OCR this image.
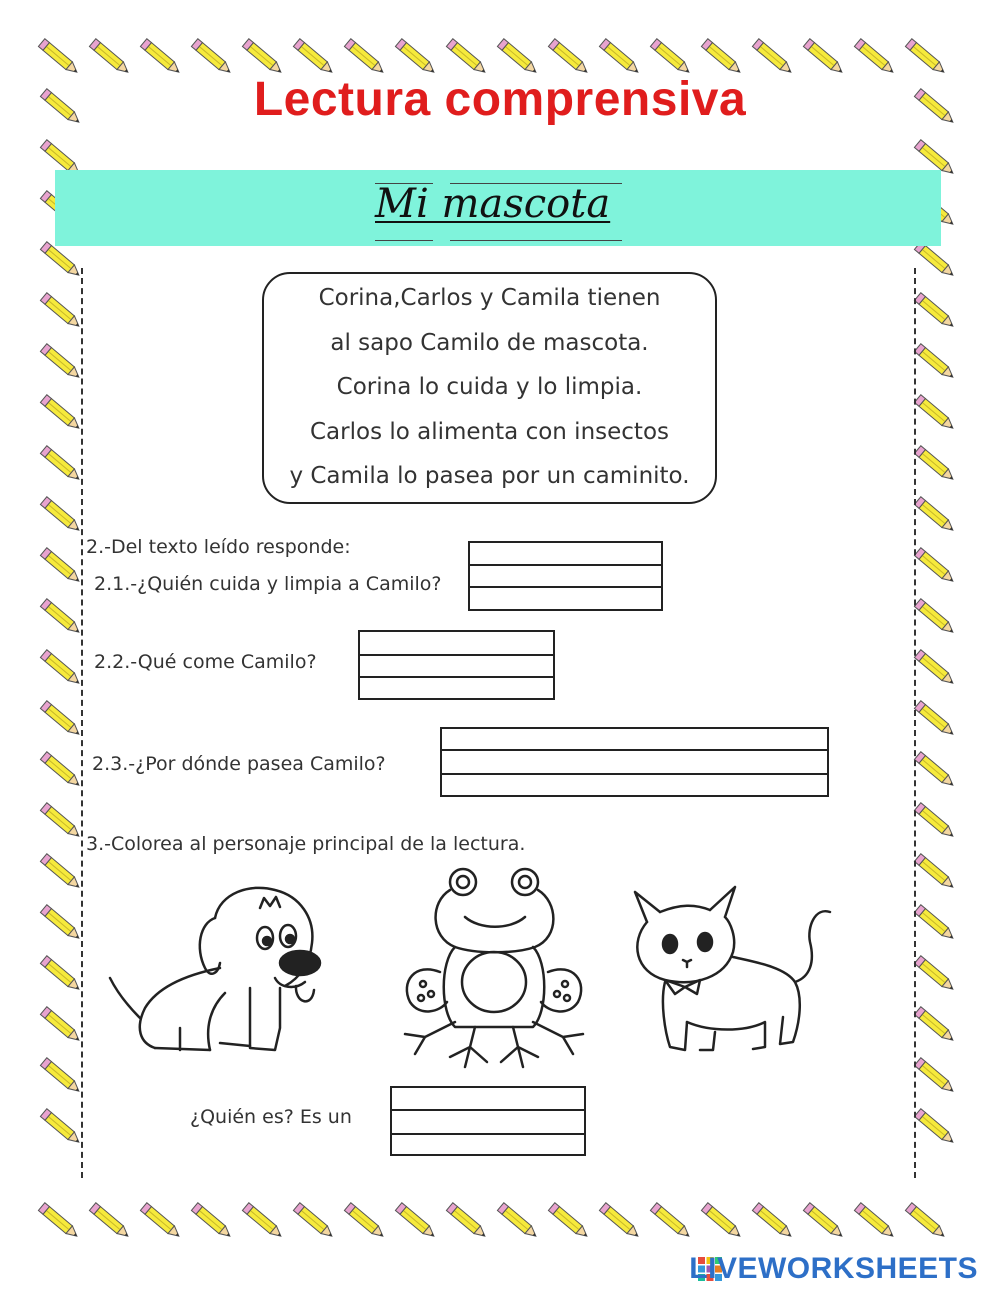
Lectura comprensiva
Mi mascota

Corina,Carlos y Camila tienen

al sapo Camilo de mascota.

Corina lo cuida y lo limpia.

Carlos lo alimenta con insectos

y Camila lo pasea por un caminito.

2.-Del texto leído responde:
2.1.-¿Quién cuida y limpia a Camilo?
2.2.-Qué come Camilo?
2.3.-¿Por dónde pasea Camilo?
3.-Colorea al personaje principal de la lectura.
¿Quién es? Es un
LIVEWORKSHEETS
